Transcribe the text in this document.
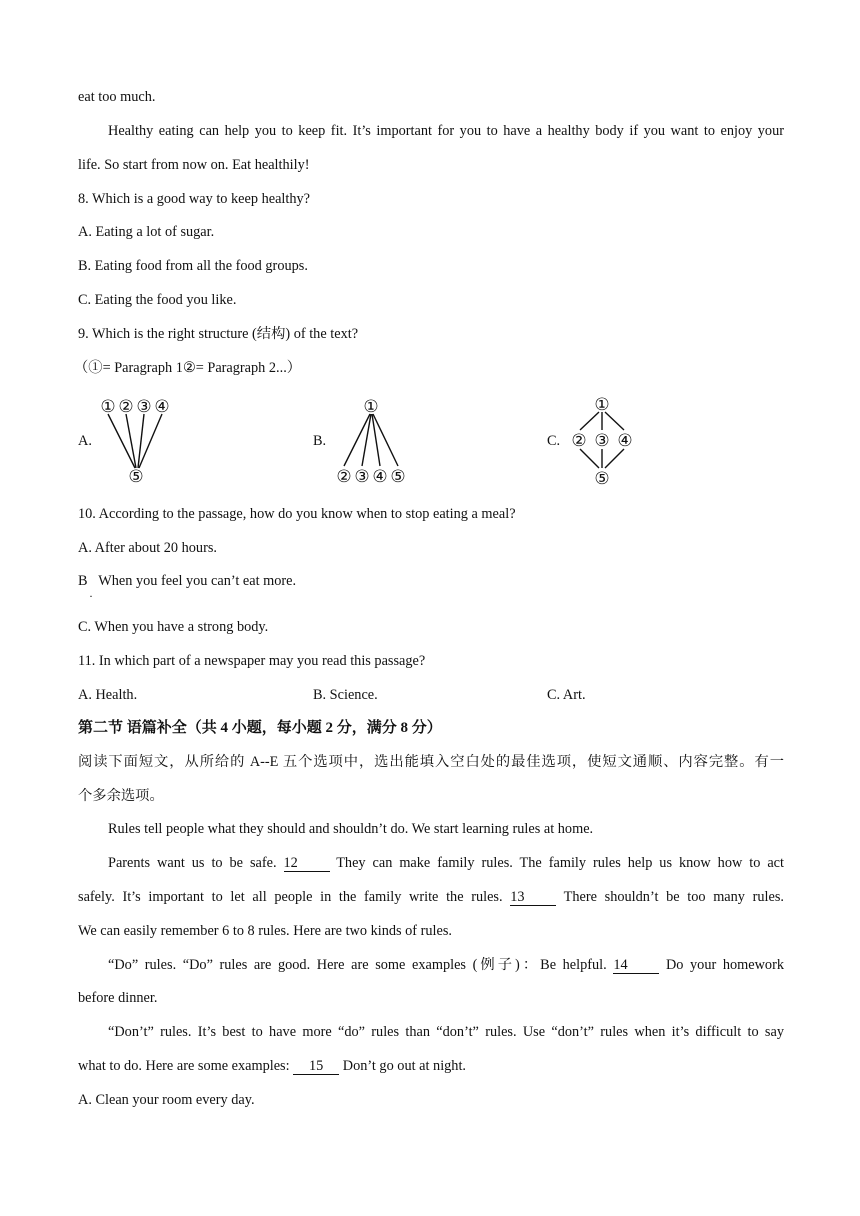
eat too much.
Healthy eating can help you to keep fit. It’s important for you to have a healthy body if you want to enjoy your
life. So start from now on. Eat healthily!
8. Which is a good way to keep healthy?
A. Eating a lot of sugar.
B. Eating food from all the food groups.
C. Eating the food you like.
9. Which is the right structure (结构) of the text?
（①= Paragraph 1②= Paragraph 2...）
A.
① ② ③ ④
⑤
B.
①
② ③ ④ ⑤
C.
①
② ③ ④
⑤
10. According to the passage, how do you know when to stop eating a meal?
A. After about 20 hours.
B When you feel you can’t eat more.
·
C. When you have a strong body.
11. In which part of a newspaper may you read this passage?
A. Health.	B. Science.	C. Art.
第二节 语篇补全（共 4 小题，每小题 2 分，满分 8 分）
阅读下面短文，从所给的 A--E 五个选项中，选出能填入空白处的最佳选项，使短文通顺、内容完整。有一
个多余选项。
Rules tell people what they should and shouldn’t do. We start learning rules at home.
Parents want us to be safe. 12	They can make family rules. The family rules help us know how to act
safely. It’s important to let all people in the family write the rules. 13	There shouldn’t be too many rules.
We can easily remember 6 to 8 rules. Here are two kinds of rules.
“Do” rules. “Do” rules are good. Here are some examples (例子)：Be helpful. 14	Do your homework
before dinner.
“Don’t” rules. It’s best to have more “do” rules than “don’t” rules. Use “don’t” rules when it’s difficult to say
what to do. Here are some examples: 15 Don’t go out at night.
A. Clean your room every day.
